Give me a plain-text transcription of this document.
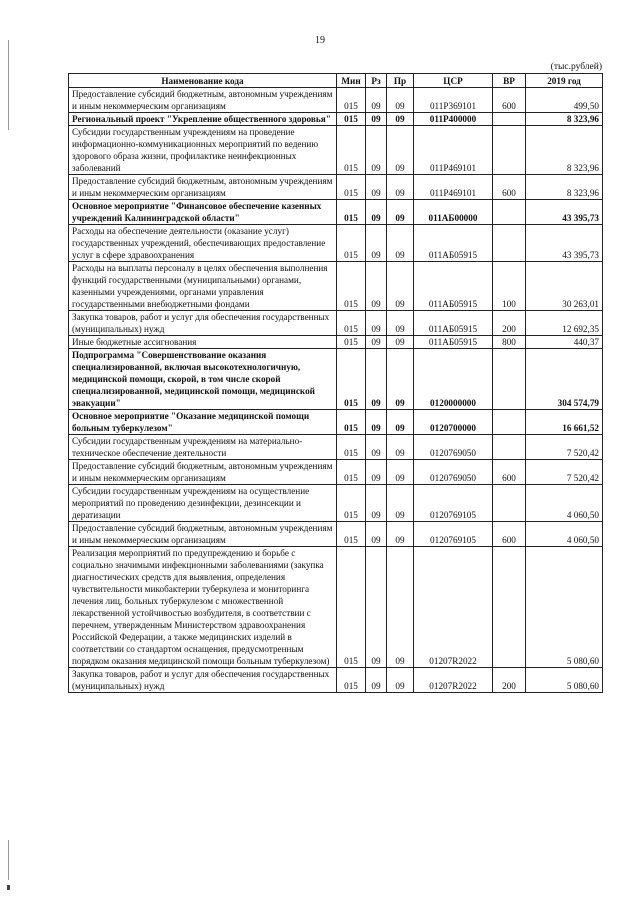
19
(тыс.рублей)
Наименование кода	Мин	Рз	Пр	ЦСР	ВР	2019 год
Предоставление субсидий бюджетным, автономным учреждениям и иным некоммерческим организациям	015	09	09	011P369101	600	499,50
Региональный проект "Укрепление общественного здоровья"	015	09	09	011P400000		8 323,96
Субсидии государственным учреждениям на проведение информационно-коммуникационных мероприятий по ведению здорового образа жизни, профилактике неинфекционных заболеваний	015	09	09	011P469101		8 323,96
Предоставление субсидий бюджетным, автономным учреждениям и иным некоммерческим организациям	015	09	09	011P469101	600	8 323,96
Основное мероприятие "Финансовое обеспечение казенных учреждений Калининградской области"	015	09	09	011АБ00000		43 395,73
Расходы на обеспечение деятельности (оказание услуг) государственных учреждений, обеспечивающих предоставление услуг в сфере здравоохранения	015	09	09	011АБ05915		43 395,73
Расходы на выплаты персоналу в целях обеспечения выполнения функций государственными (муниципальными) органами, казенными учреждениями, органами управления государственными внебюджетными фондами	015	09	09	011АБ05915	100	30 263,01
Закупка товаров, работ и услуг для обеспечения государственных (муниципальных) нужд	015	09	09	011АБ05915	200	12 692,35
Иные бюджетные ассигнования	015	09	09	011АБ05915	800	440,37
Подпрограмма "Совершенствование оказания специализированной, включая высокотехнологичную, медицинской помощи, скорой, в том числе скорой специализированной, медицинской помощи, медицинской эвакуации"	015	09	09	0120000000		304 574,79
Основное мероприятие "Оказание медицинской помощи больным туберкулезом"	015	09	09	0120700000		16 661,52
Субсидии государственным учреждениям на материально-техническое обеспечение деятельности	015	09	09	0120769050		7 520,42
Предоставление субсидий бюджетным, автономным учреждениям и иным некоммерческим организациям	015	09	09	0120769050	600	7 520,42
Субсидии государственным учреждениям на осуществление мероприятий по проведению дезинфекции, дезинсекции и дератизации	015	09	09	0120769105		4 060,50
Предоставление субсидий бюджетным, автономным учреждениям и иным некоммерческим организациям	015	09	09	0120769105	600	4 060,50
Реализация мероприятий по предупреждению и борьбе с социально значимыми инфекционными заболеваниями (закупка диагностических средств для выявления, определения чувствительности микобактерии туберкулеза и мониторинга лечения лиц, больных туберкулезом с множественной лекарственной устойчивостью возбудителя, в соответствии с перечнем, утвержденным Министерством здравоохранения Российской Федерации, а также медицинских изделий в соответствии со стандартом оснащения, предусмотренным порядком оказания медицинской помощи больным туберкулезом)	015	09	09	01207R2022		5 080,60
Закупка товаров, работ и услуг для обеспечения государственных (муниципальных) нужд	015	09	09	01207R2022	200	5 080,60
